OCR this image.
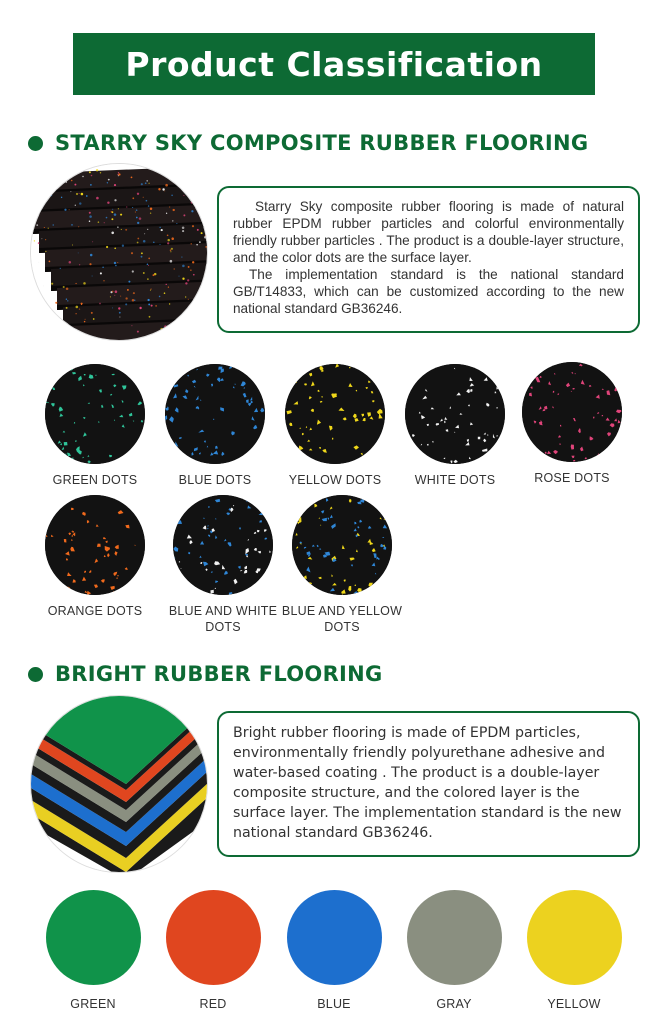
Product Classification
STARRY SKY COMPOSITE RUBBER FLOORING

Starry Sky composite rubber flooring is made of natural rubber EPDM rubber particles and colorful environmentally friendly rubber particles . The product is a double-layer structure, and the color dots are the surface layer.

The implementation standard is the national standard GB/T14833, which can be customized according to the new national standard GB36246.

GREEN DOTS	BLUE DOTS	YELLOW DOTS	WHITE DOTS	ROSE DOTS
ORANGE DOTS	BLUE AND WHITE DOTS
BLUE AND YELLOW DOTS
BRIGHT RUBBER FLOORING

Bright rubber flooring is made of EPDM particles, environmentally friendly polyurethane adhesive and water-based coating . The product is a double-layer composite structure, and the colored layer is the surface layer. The implementation standard is the new national standard GB36246.

GREEN	RED	BLUE	GRAY	YELLOW
